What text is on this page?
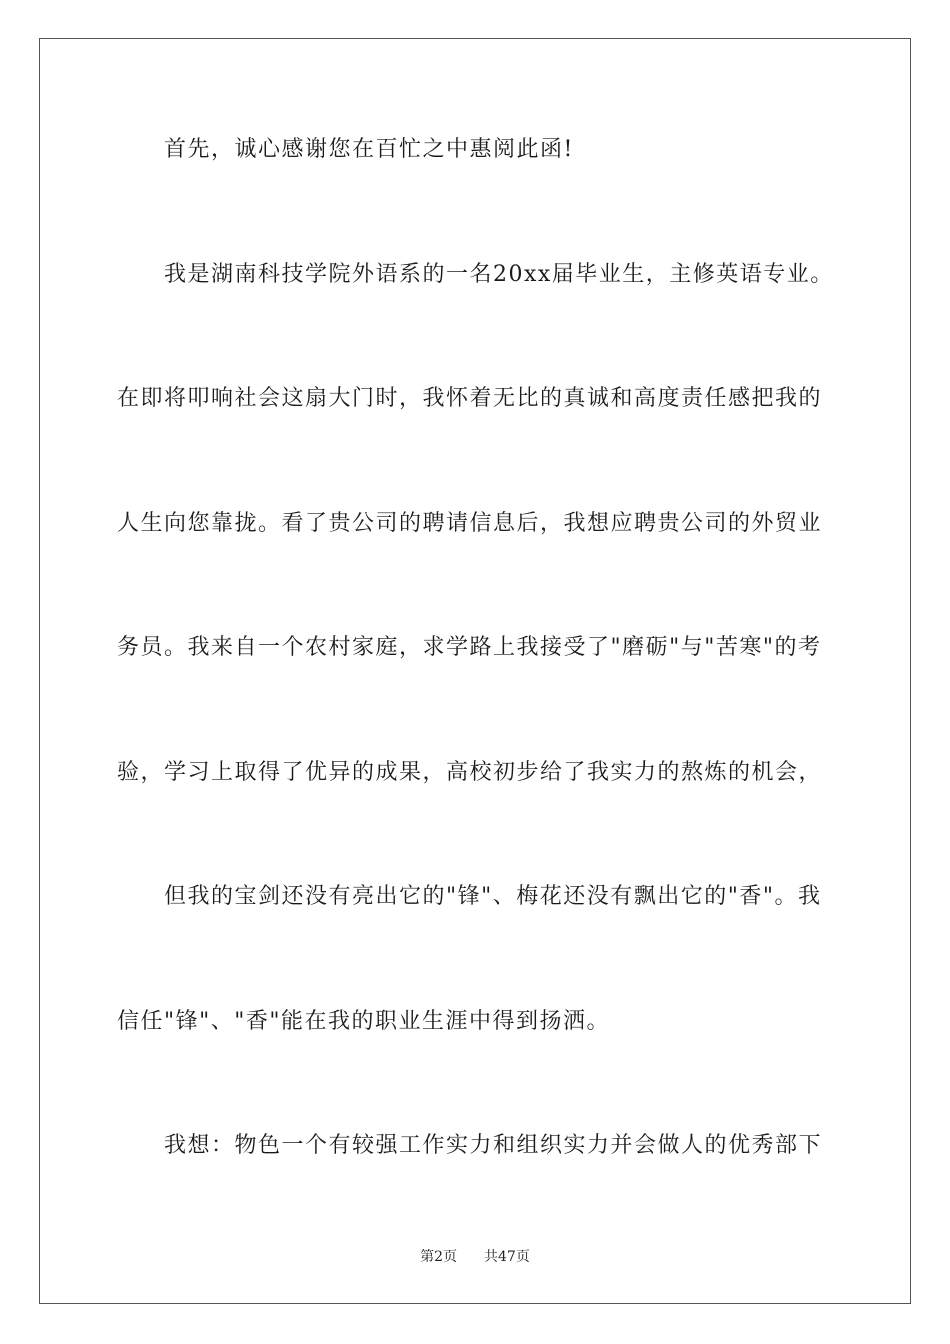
首先，诚心感谢您在百忙之中惠阅此函!
我是湖南科技学院外语系的一名20xx届毕业生，主修英语专业。
在即将叩响社会这扇大门时，我怀着无比的真诚和高度责任感把我的
人生向您靠拢。看了贵公司的聘请信息后，我想应聘贵公司的外贸业
务员。我来自一个农村家庭，求学路上我接受了"磨砺"与"苦寒"的考
验，学习上取得了优异的成果，高校初步给了我实力的熬炼的机会，
但我的宝剑还没有亮出它的"锋"、梅花还没有飘出它的"香"。我
信任"锋"、"香"能在我的职业生涯中得到扬洒。
我想：物色一个有较强工作实力和组织实力并会做人的优秀部下
第2页 共47页
